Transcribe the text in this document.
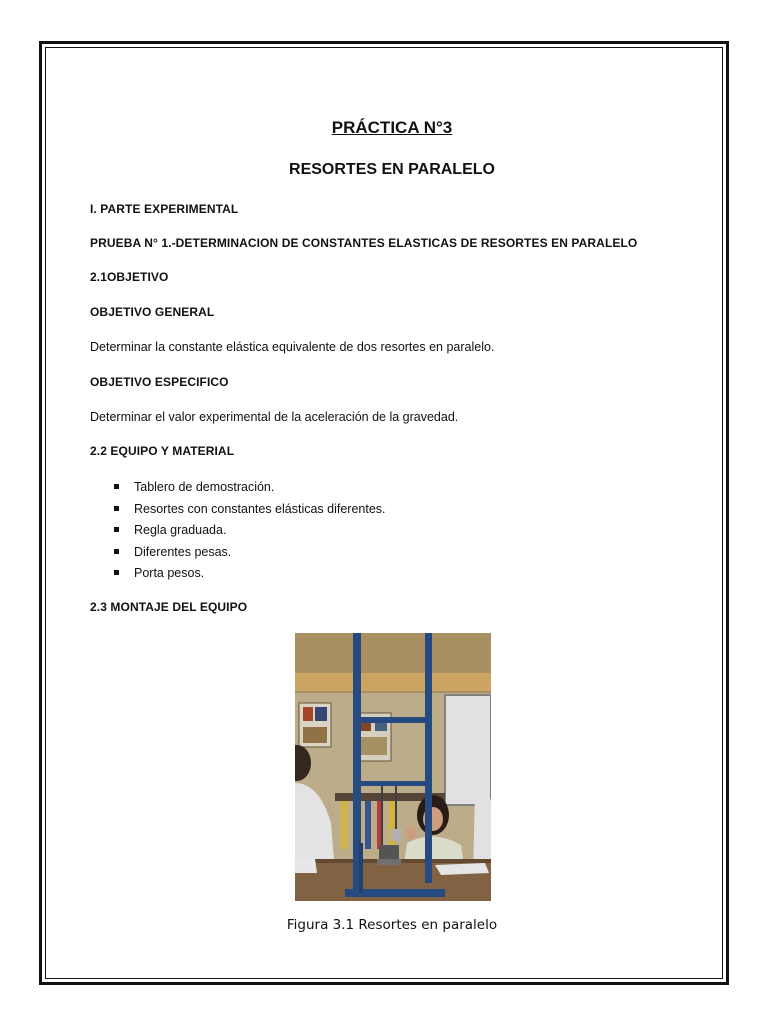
PRÁCTICA N°3
RESORTES EN PARALELO
I. PARTE EXPERIMENTAL
PRUEBA N° 1.-DETERMINACION DE CONSTANTES ELASTICAS DE RESORTES EN PARALELO
2.1OBJETIVO
OBJETIVO GENERAL
Determinar la constante elástica equivalente de dos resortes en paralelo.
OBJETIVO ESPECIFICO
Determinar el valor experimental de la aceleración de la gravedad.
2.2 EQUIPO Y MATERIAL
Tablero de demostración.
Resortes con constantes elásticas diferentes.
Regla graduada.
Diferentes pesas.
Porta pesos.
2.3 MONTAJE DEL EQUIPO
Figura 3.1 Resortes en paralelo
